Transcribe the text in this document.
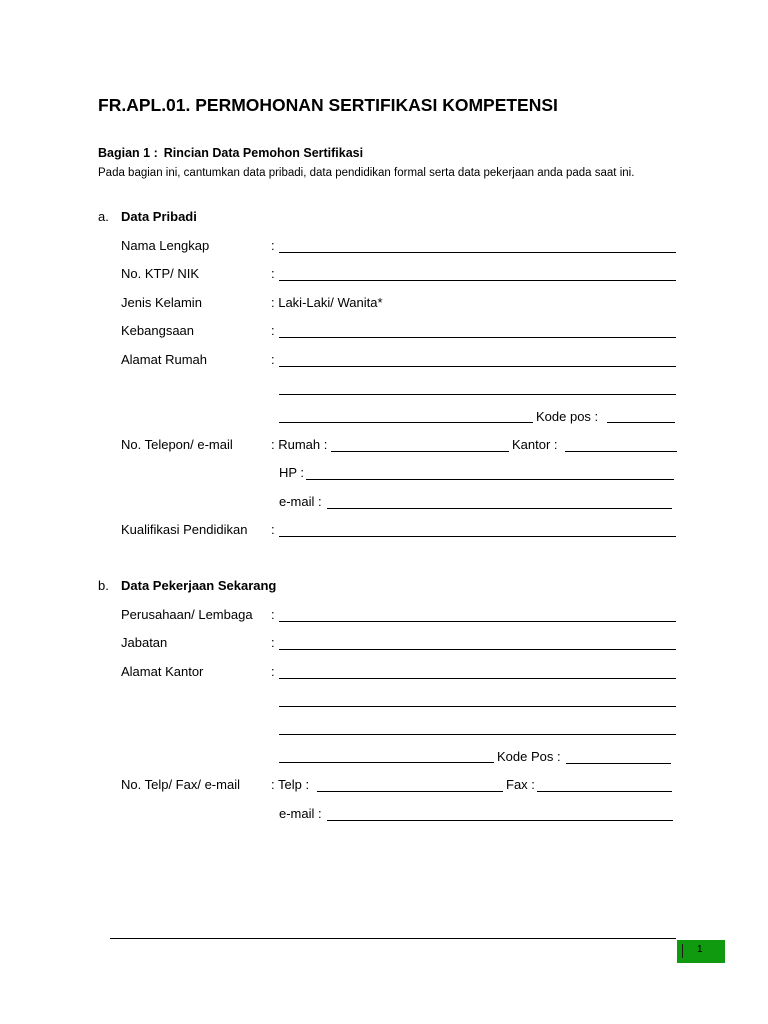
FR.APL.01. PERMOHONAN SERTIFIKASI KOMPETENSI
Bagian 1 : Rincian Data Pemohon Sertifikasi
Pada bagian ini, cantumkan data pribadi, data pendidikan formal serta data pekerjaan anda pada saat ini.
a. Data Pribadi
Nama Lengkap	:
No. KTP/ NIK	:
Jenis Kelamin	: Laki-Laki/ Wanita*
Kebangsaan	:
Alamat Rumah	:
Kode pos :
No. Telepon/ e-mail	: Rumah :	Kantor :
HP :
e-mail :
Kualifikasi Pendidikan :
b. Data Pekerjaan Sekarang
Perusahaan/ Lembaga :
Jabatan	:
Alamat Kantor	:
Kode Pos :
No. Telp/ Fax/ e-mail : Telp :	Fax :
e-mail :
1
